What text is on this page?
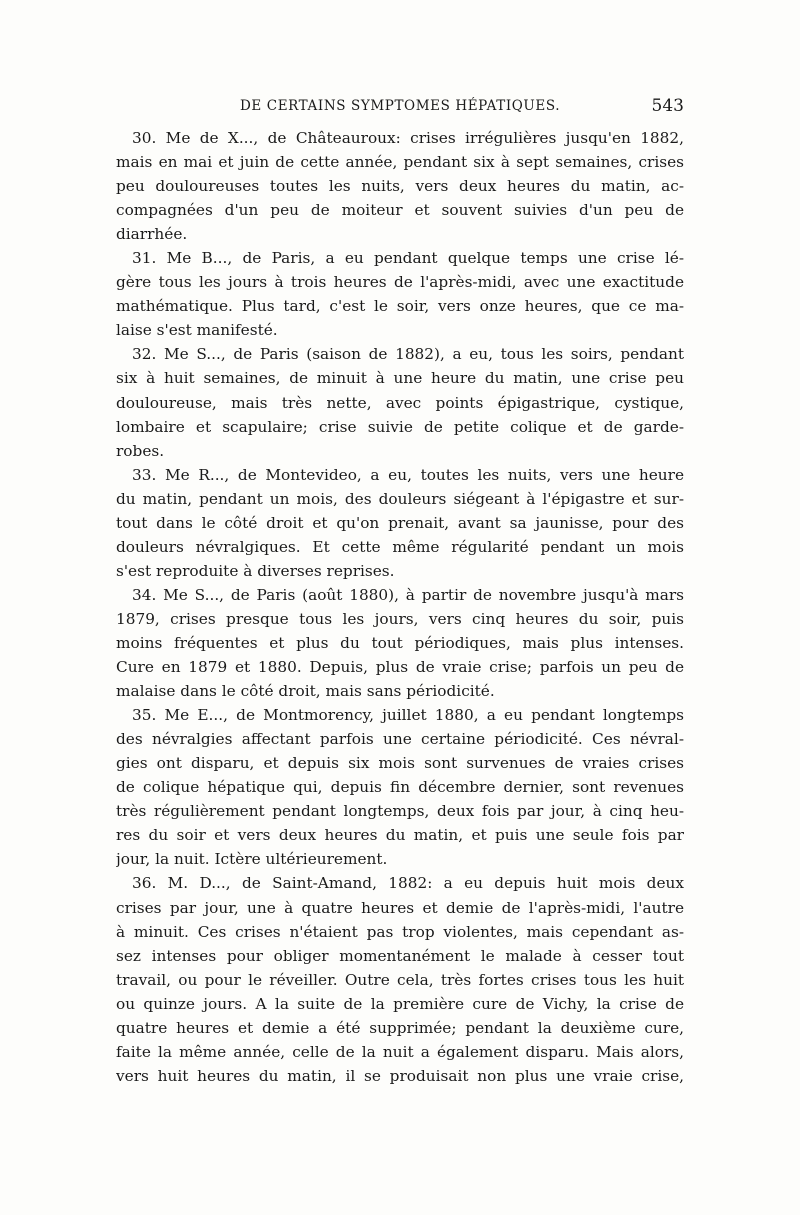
DE CERTAINS SYMPTOMES HÉPATIQUES.	543
30. Me de X..., de Châteauroux: crises irrégulières jusqu'en 1882,
mais en mai et juin de cette année, pendant six à sept semaines, crises
peu douloureuses toutes les nuits, vers deux heures du matin, ac-
compagnées d'un peu de moiteur et souvent suivies d'un peu de
diarrhée.
31. Me B..., de Paris, a eu pendant quelque temps une crise lé-
gère tous les jours à trois heures de l'après-midi, avec une exactitude
mathématique. Plus tard, c'est le soir, vers onze heures, que ce ma-
laise s'est manifesté.
32. Me S..., de Paris (saison de 1882), a eu, tous les soirs, pendant
six à huit semaines, de minuit à une heure du matin, une crise peu
douloureuse, mais très nette, avec points épigastrique, cystique,
lombaire et scapulaire; crise suivie de petite colique et de garde-
robes.
33. Me R..., de Montevideo, a eu, toutes les nuits, vers une heure
du matin, pendant un mois, des douleurs siégeant à l'épigastre et sur-
tout dans le côté droit et qu'on prenait, avant sa jaunisse, pour des
douleurs névralgiques. Et cette même régularité pendant un mois
s'est reproduite à diverses reprises.
34. Me S..., de Paris (août 1880), à partir de novembre jusqu'à mars
1879, crises presque tous les jours, vers cinq heures du soir, puis
moins fréquentes et plus du tout périodiques, mais plus intenses.
Cure en 1879 et 1880. Depuis, plus de vraie crise; parfois un peu de
malaise dans le côté droit, mais sans périodicité.
35. Me E..., de Montmorency, juillet 1880, a eu pendant longtemps
des névralgies affectant parfois une certaine périodicité. Ces névral-
gies ont disparu, et depuis six mois sont survenues de vraies crises
de colique hépatique qui, depuis fin décembre dernier, sont revenues
très régulièrement pendant longtemps, deux fois par jour, à cinq heu-
res du soir et vers deux heures du matin, et puis une seule fois par
jour, la nuit. Ictère ultérieurement.
36. M. D..., de Saint-Amand, 1882: a eu depuis huit mois deux
crises par jour, une à quatre heures et demie de l'après-midi, l'autre
à minuit. Ces crises n'étaient pas trop violentes, mais cependant as-
sez intenses pour obliger momentanément le malade à cesser tout
travail, ou pour le réveiller. Outre cela, très fortes crises tous les huit
ou quinze jours. A la suite de la première cure de Vichy, la crise de
quatre heures et demie a été supprimée; pendant la deuxième cure,
faite la même année, celle de la nuit a également disparu. Mais alors,
vers huit heures du matin, il se produisait non plus une vraie crise,
